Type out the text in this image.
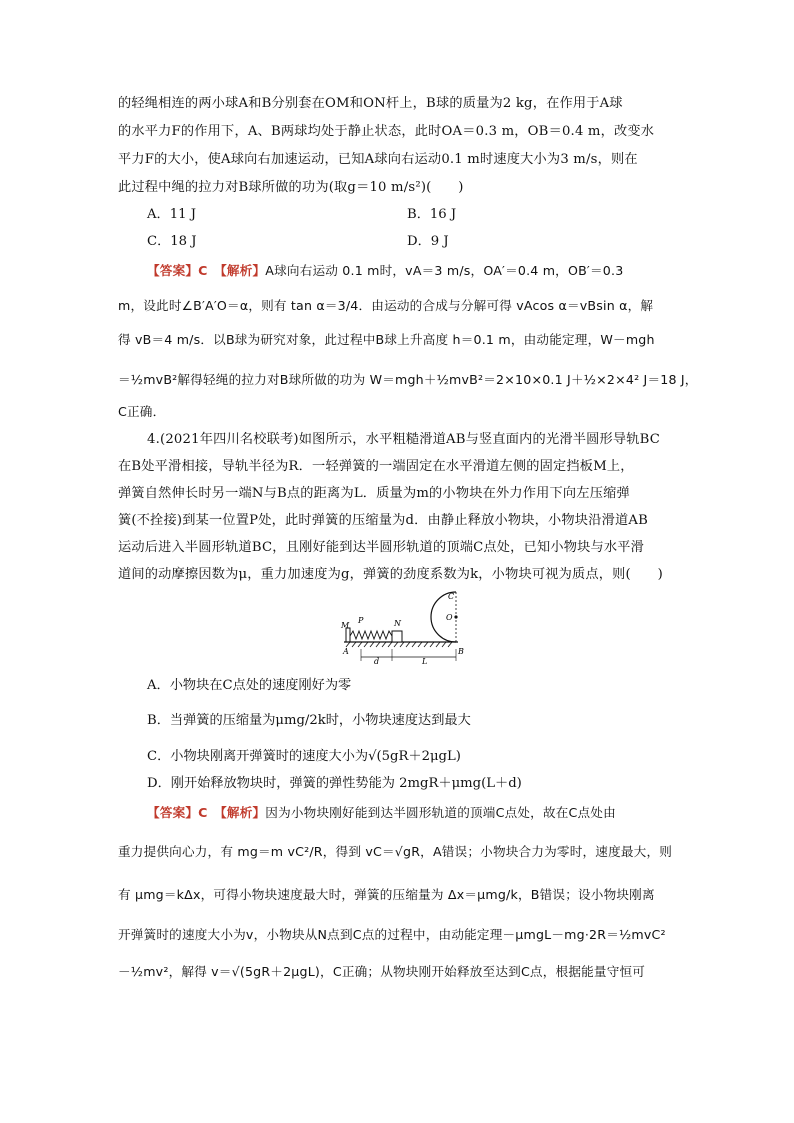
的轻绳相连的两小球A和B分别套在OM和ON杆上，B球的质量为2 kg，在作用于A球
的水平力F的作用下，A、B两球均处于静止状态，此时OA＝0.3 m，OB＝0.4 m，改变水
平力F的大小，使A球向右加速运动，已知A球向右运动0.1 m时速度大小为3 m/s，则在
此过程中绳的拉力对B球所做的功为(取g＝10 m/s²)(　　)
A．11 J	B．16 J
C．18 J	D．9 J
【答案】C　 【解析】A球向右运动 0.1 m时，vA＝3 m/s，OA′＝0.4 m，OB′＝0.3
m，设此时∠B′A′O＝α，则有 tan α＝3/4．由运动的合成与分解可得 vAcos α＝vBsin α，解
得 vB＝4 m/s．以B球为研究对象，此过程中B球上升高度 h＝0.1 m，由动能定理，W－mgh
＝½mvB²解得轻绳的拉力对B球所做的功为 W＝mgh＋½mvB²＝2×10×0.1 J＋½×2×4² J＝18 J，
C正确．
4.(2021年四川名校联考)如图所示，水平粗糙滑道AB与竖直面内的光滑半圆形导轨BC
在B处平滑相接，导轨半径为R．一轻弹簧的一端固定在水平滑道左侧的固定挡板M上，
弹簧自然伸长时另一端N与B点的距离为L．质量为m的小物块在外力作用下向左压缩弹
簧(不拴接)到某一位置P处，此时弹簧的压缩量为d．由静止释放小物块，小物块沿滑道AB
运动后进入半圆形轨道BC，且刚好能到达半圆形轨道的顶端C点处，已知小物块与水平滑
道间的动摩擦因数为μ，重力加速度为g，弹簧的劲度系数为k，小物块可视为质点，则(　　)
M
P	N
A	B
C
O
d	L
A．小物块在C点处的速度刚好为零
B．当弹簧的压缩量为μmg/2k时，小物块速度达到最大
C．小物块刚离开弹簧时的速度大小为√(5gR＋2μgL)
D．刚开始释放物块时，弹簧的弹性势能为 2mgR＋μmg(L＋d)
【答案】C　 【解析】因为小物块刚好能到达半圆形轨道的顶端C点处，故在C点处由
重力提供向心力，有 mg＝m vC²/R，得到 vC＝√gR，A错误；小物块合力为零时，速度最大，则
有 μmg＝kΔx，可得小物块速度最大时，弹簧的压缩量为 Δx＝μmg/k，B错误；设小物块刚离
开弹簧时的速度大小为v，小物块从N点到C点的过程中，由动能定理－μmgL－mg·2R＝½mvC²
－½mv²，解得 v＝√(5gR＋2μgL)，C正确；从物块刚开始释放至达到C点，根据能量守恒可
